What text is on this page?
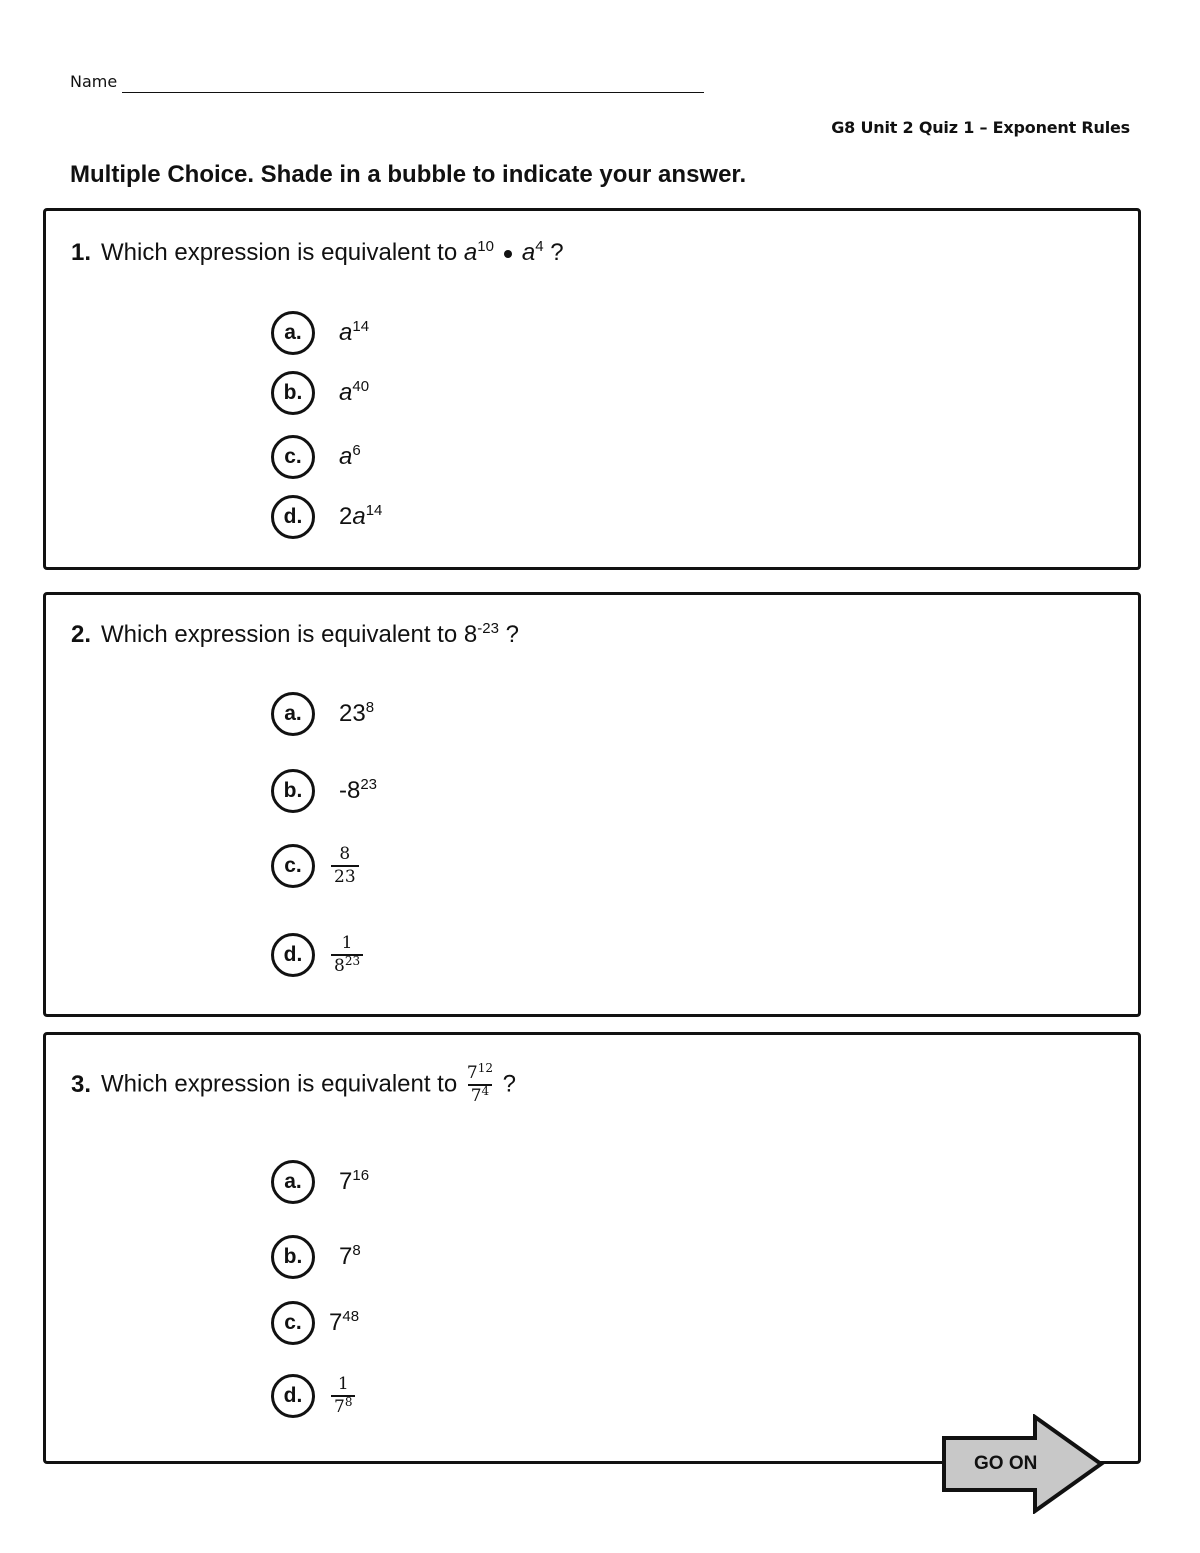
Name
G8 Unit 2 Quiz 1 – Exponent Rules
Multiple Choice. Shade in a bubble to indicate your answer.
1. Which expression is equivalent to $a^{10}$ $a^4$ ?
a.	$a^{14}$
b.	$a^{40}$
c.	$a^6$
d.	$2a^{14}$
2. Which expression is equivalent to $8^{-23}$ ?
a.	$23^8$
b.	$-8^{23}$
c.	$\frac{8}{23}$
d.	$\frac{1}{8^{23}}$
3. Which expression is equivalent to $\frac{7^{12}}{7^4}$ ?
a.	$7^{16}$
b.	$7^8$
c.	$7^{48}$
d.	$\frac{1}{7^8}$
GO ON
